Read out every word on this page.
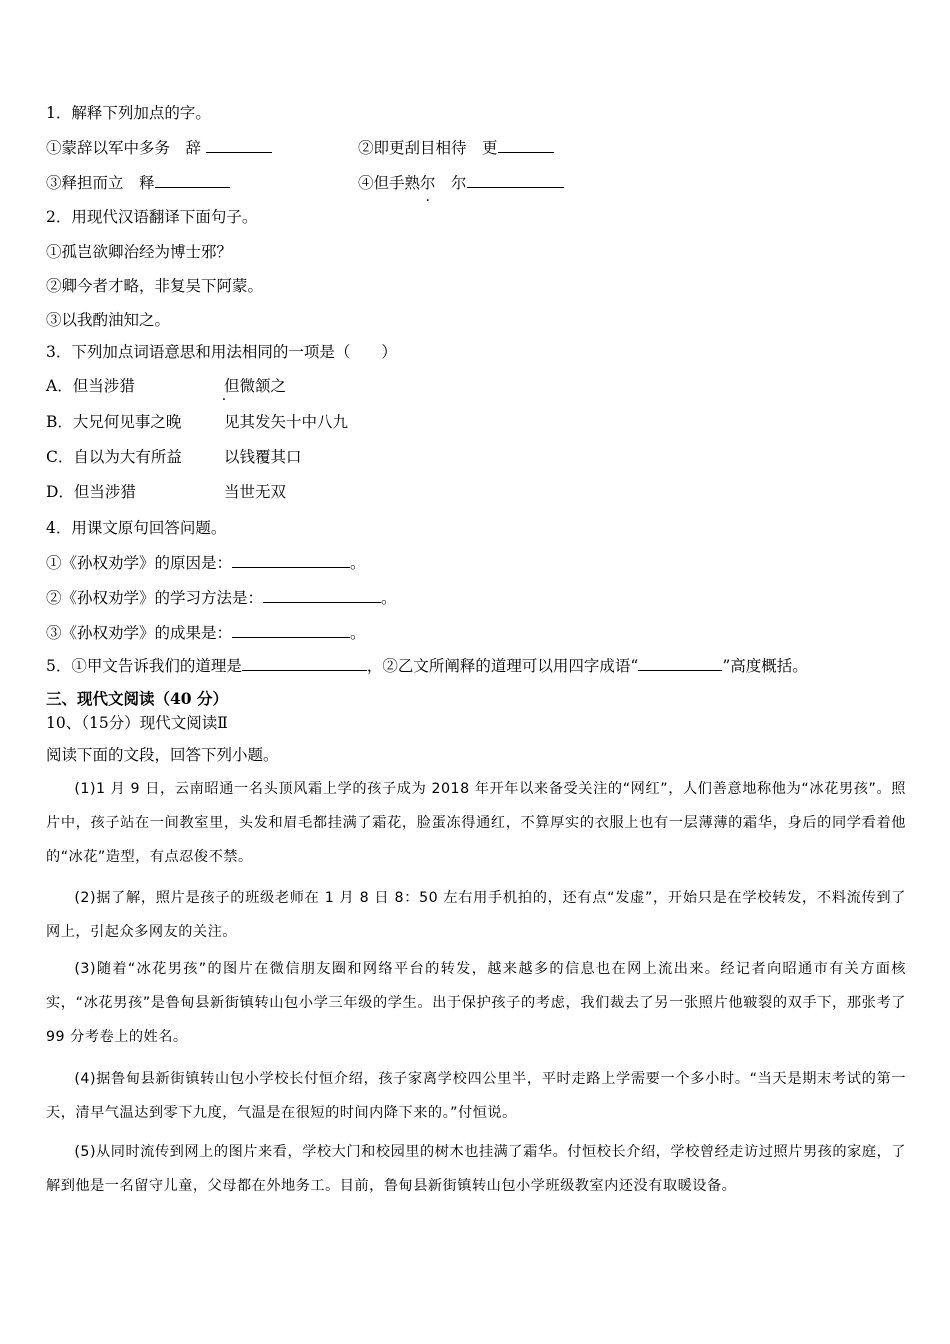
1．解释下列加点的字。
①蒙辞以军中多务　辞	②即更刮目相待　更
③释担而立　释	④但手熟尔　尔
2．用现代汉语翻译下面句子。
①孤岂欲卿治经为博士邪？
②卿今者才略，非复吴下阿蒙。
③以我酌油知之。
3．下列加点词语意思和用法相同的一项是（　　）
A．但当涉猎	但微颔之
B．大兄何见事之晚	见其发矢十中八九
C．自以为大有所益	以钱覆其口
D．但当涉猎	当世无双
4．用课文原句回答问题。
①《孙权劝学》的原因是：	。
②《孙权劝学》的学习方法是：	。
③《孙权劝学》的成果是：	。
5．①甲文告诉我们的道理是	，②乙文所阐释的道理可以用四字成语“	”高度概括。
三、现代文阅读（40 分）
10、（15分）现代文阅读Ⅱ
阅读下面的文段，回答下列小题。
(1)1 月 9 日，云南昭通一名头顶风霜上学的孩子成为 2018 年开年以来备受关注的“网红”，人们善意地称他为“冰花男孩”。照片中，孩子站在一间教室里，头发和眉毛都挂满了霜花，脸蛋冻得通红，不算厚实的衣服上也有一层薄薄的霜华，身后的同学看着他的“冰花”造型，有点忍俊不禁。
(2)据了解，照片是孩子的班级老师在 1 月 8 日 8：50 左右用手机拍的，还有点“发虚”，开始只是在学校转发，不料流传到了网上，引起众多网友的关注。
(3)随着“冰花男孩”的图片在微信朋友圈和网络平台的转发，越来越多的信息也在网上流出来。经记者向昭通市有关方面核实，“冰花男孩”是鲁甸县新街镇转山包小学三年级的学生。出于保护孩子的考虑，我们裁去了另一张照片他皲裂的双手下，那张考了 99 分考卷上的姓名。
(4)据鲁甸县新街镇转山包小学校长付恒介绍，孩子家离学校四公里半，平时走路上学需要一个多小时。“当天是期末考试的第一天，清早气温达到零下九度，气温是在很短的时间内降下来的。”付恒说。
(5)从同时流传到网上的图片来看，学校大门和校园里的树木也挂满了霜华。付恒校长介绍，学校曾经走访过照片男孩的家庭，了解到他是一名留守儿童，父母都在外地务工。目前，鲁甸县新街镇转山包小学班级教室内还没有取暖设备。
